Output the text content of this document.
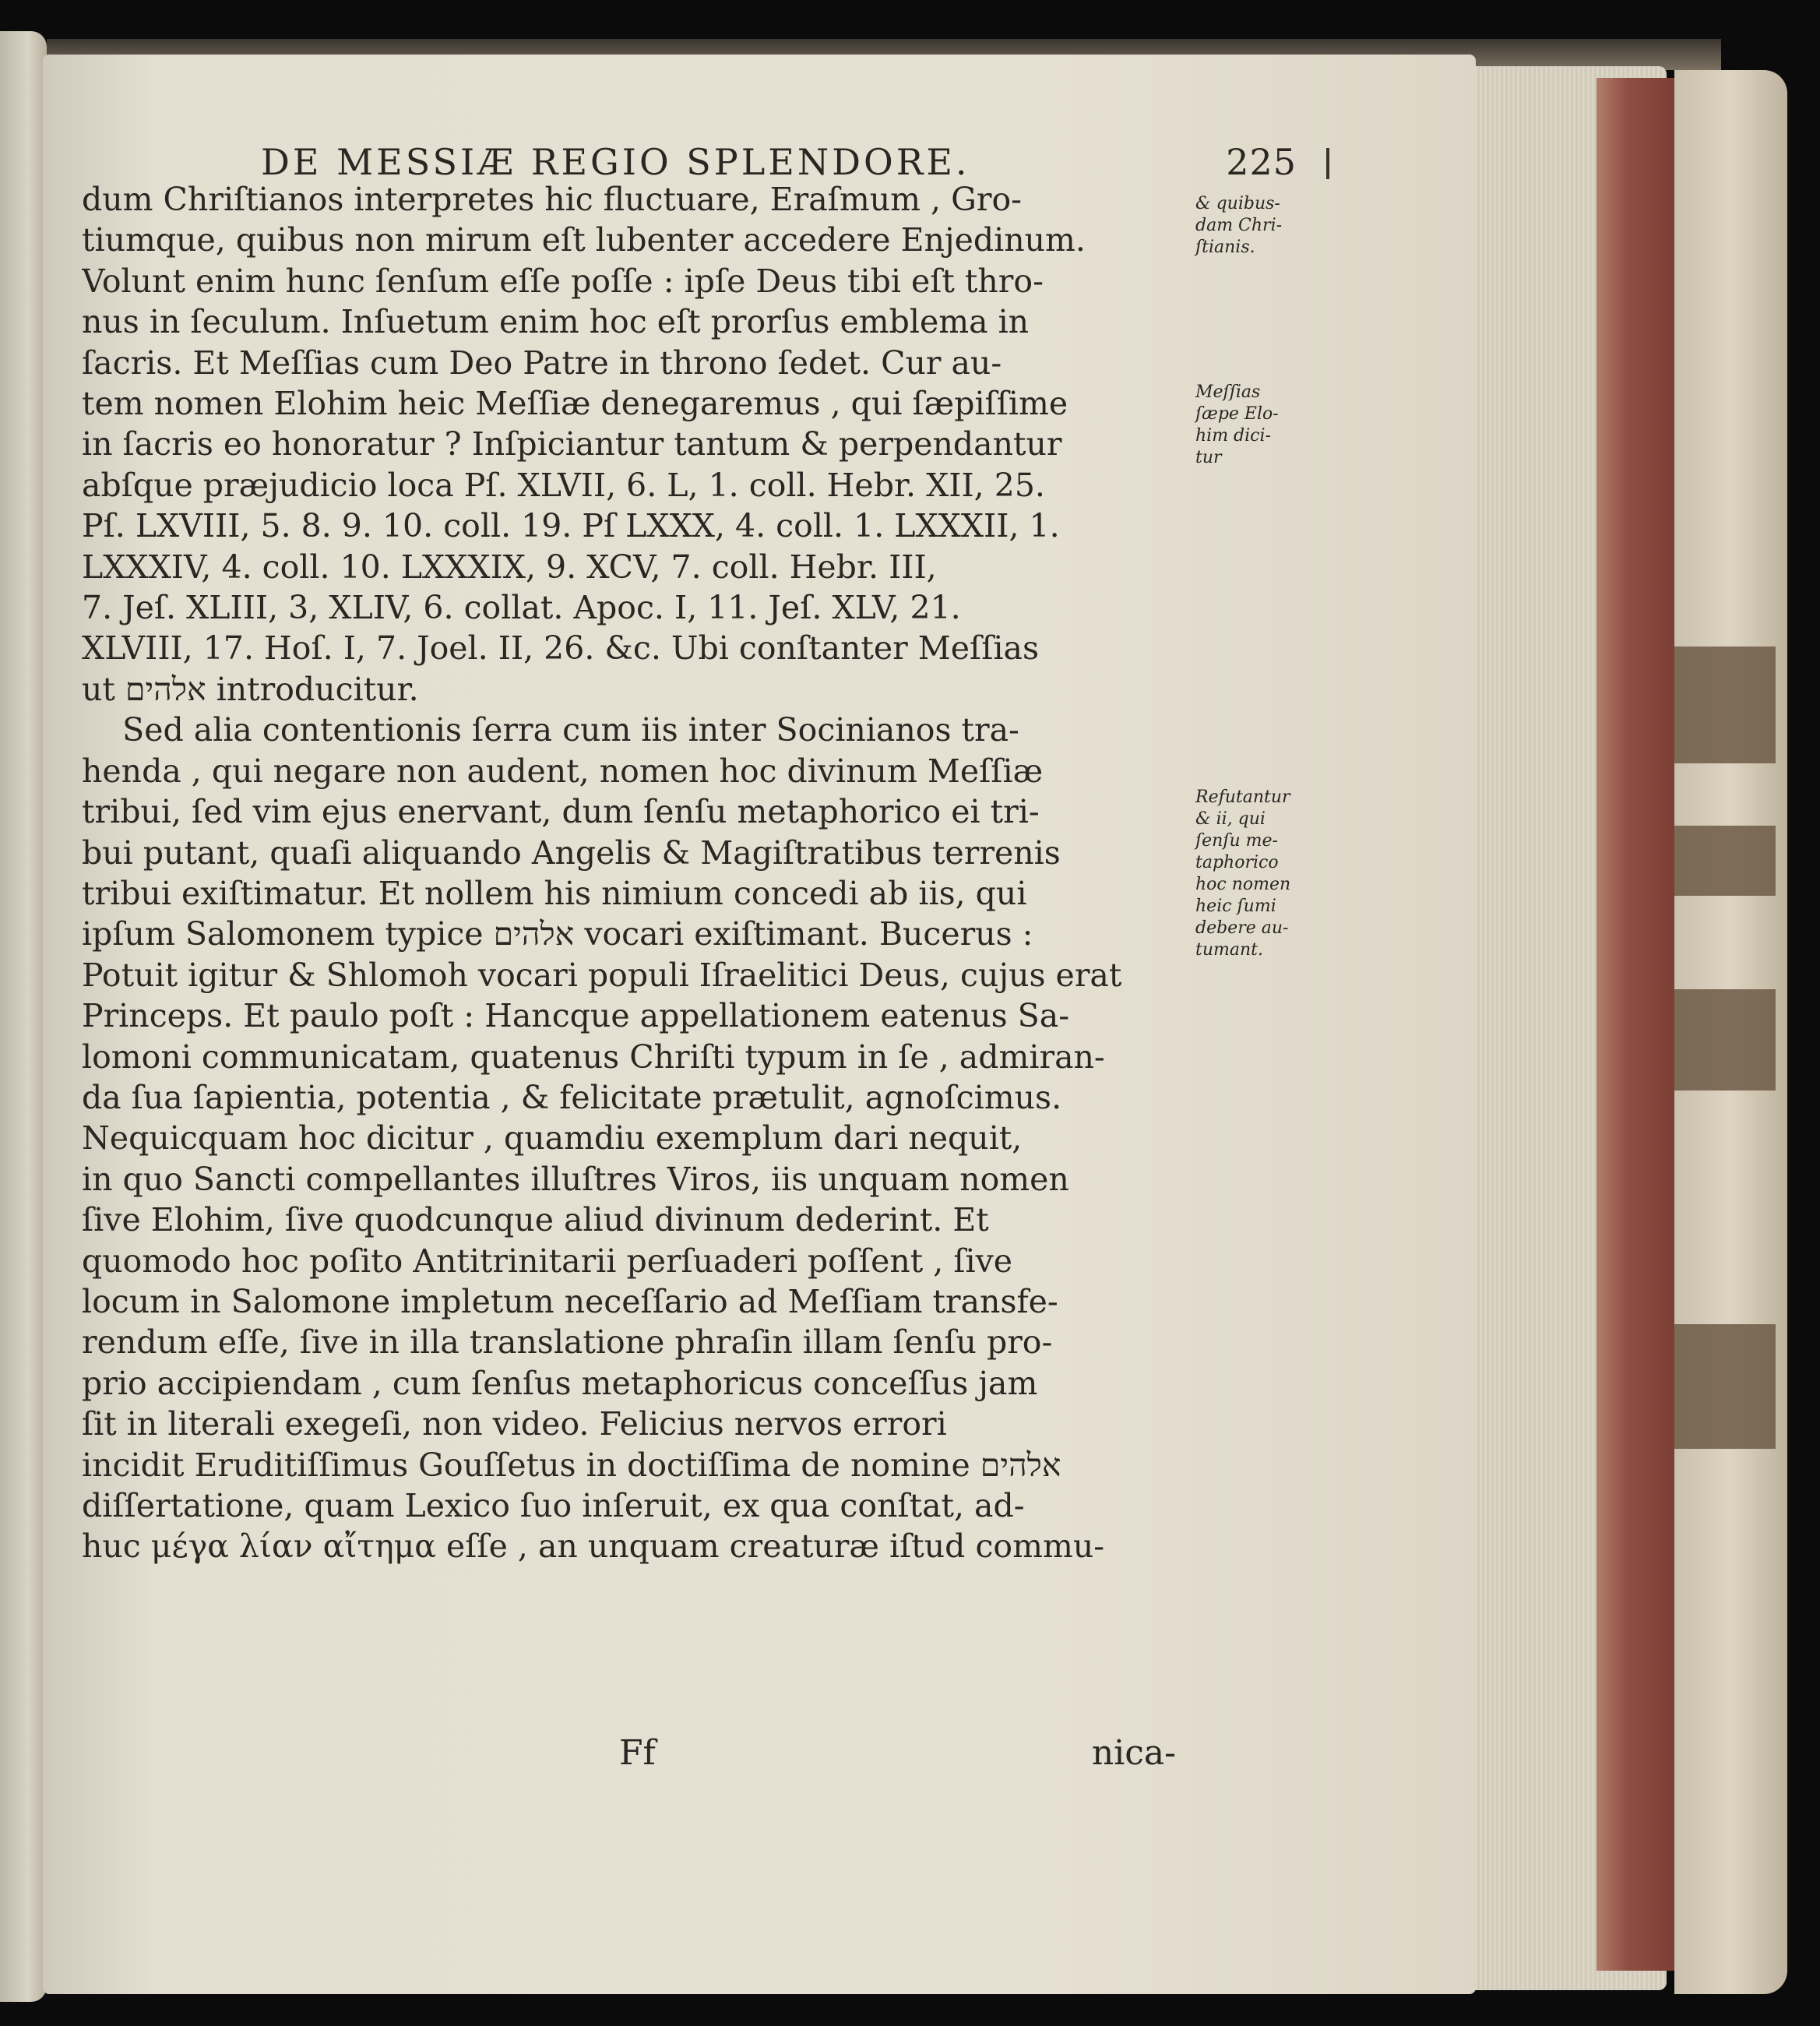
DE MESSIÆ REGIO SPLENDORE.	225

dum Chriſtianos interpretes hic fluctuare, Eraſmum , Gro-

tiumque, quibus non mirum eſt lubenter accedere Enjedinum.

Volunt enim hunc ſenſum eſſe poſſe : ipſe Deus tibi eſt thro-

nus in ſeculum. Inſuetum enim hoc eſt prorſus emblema in

ſacris. Et Meſſias cum Deo Patre in throno ſedet. Cur au-

tem nomen Elohim heic Meſſiæ denegaremus , qui ſæpiſſime

in ſacris eo honoratur ? Inſpiciantur tantum & perpendantur

abſque præjudicio loca Pſ. XLVII, 6. L, 1. coll. Hebr. XII, 25.

Pſ. LXVIII, 5. 8. 9. 10. coll. 19. Pſ LXXX, 4. coll. 1. LXXXII, 1.

LXXXIV, 4. coll. 10. LXXXIX, 9. XCV, 7. coll. Hebr. III,

7. Jeſ. XLIII, 3, XLIV, 6. collat. Apoc. I, 11. Jeſ. XLV, 21.

XLVIII, 17. Hoſ. I, 7. Joel. II, 26. &c. Ubi conſtanter Meſſias

ut אלהים introducitur.

Sed alia contentionis ſerra cum iis inter Socinianos tra-

henda , qui negare non audent, nomen hoc divinum Meſſiæ

tribui, ſed vim ejus enervant, dum ſenſu metaphorico ei tri-

bui putant, quaſi aliquando Angelis & Magiſtratibus terrenis

tribui exiſtimatur. Et nollem his nimium concedi ab iis, qui

ipſum Salomonem typice אלהים vocari exiſtimant. Bucerus :

Potuit igitur & Shlomoh vocari populi Iſraelitici Deus, cujus erat

Princeps. Et paulo poſt : Hancque appellationem eatenus Sa-

lomoni communicatam, quatenus Chriſti typum in ſe , admiran-

da ſua ſapientia, potentia , & felicitate prætulit, agnoſcimus.

Nequicquam hoc dicitur , quamdiu exemplum dari nequit,

in quo Sancti compellantes illuſtres Viros, iis unquam nomen

ſive Elohim, ſive quodcunque aliud divinum dederint. Et

quomodo hoc poſito Antitrinitarii perſuaderi poſſent , ſive

locum in Salomone impletum neceſſario ad Meſſiam transfe-

rendum eſſe, ſive in illa translatione phraſin illam ſenſu pro-

prio accipiendam , cum ſenſus metaphoricus conceſſus jam

ſit in literali exegeſi, non video. Felicius nervos errori

incidit Eruditiſſimus Gouſſetus in doctiſſima de nomine אלהים

diſſertatione, quam Lexico ſuo inſeruit, ex qua conſtat, ad-

huc μέγα λίαν αἴτημα eſſe , an unquam creaturæ iſtud commu-

& quibus-

dam Chri-

ſtianis.

Meſſias

ſæpe Elo-

him dici-

tur

Refutantur

& ii, qui

ſenſu me-

taphorico

hoc nomen

heic ſumi

debere au-

tumant.

Ff	nica-
